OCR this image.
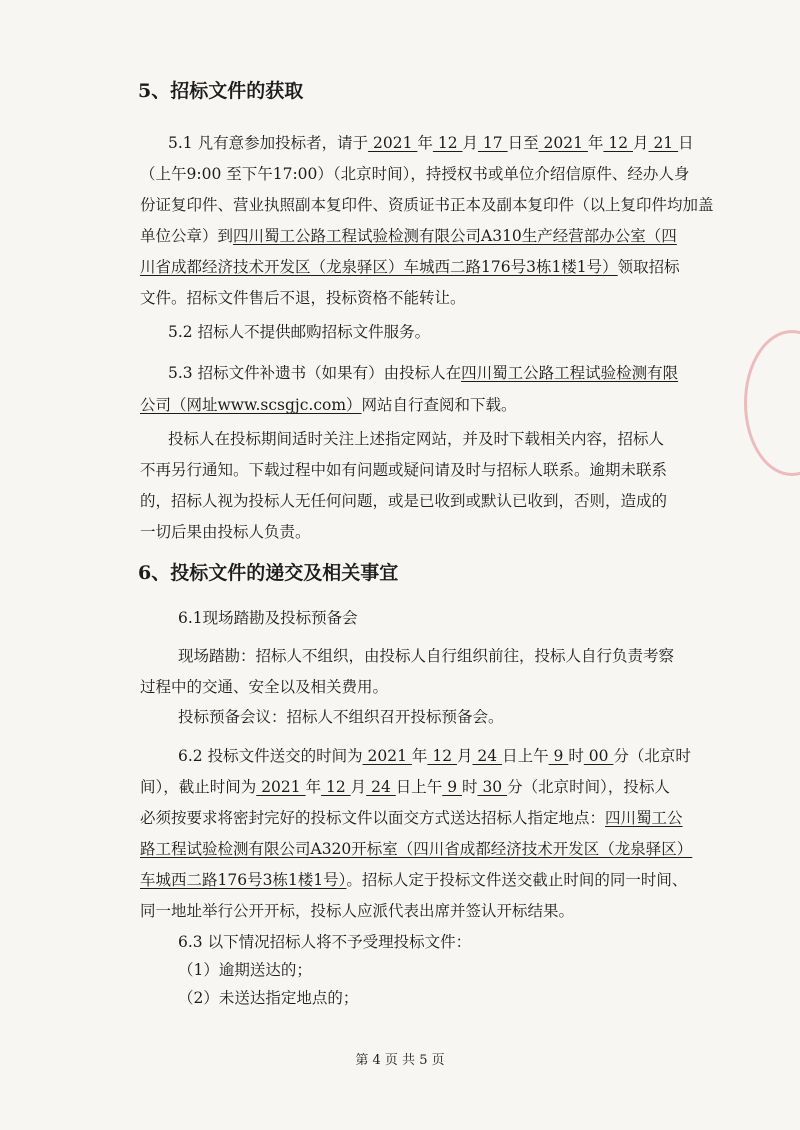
5、招标文件的获取
5.1 凡有意参加投标者，请于 2021 年 12 月 17 日至 2021 年 12 月 21 日
（上午9:00 至下午17:00）（北京时间），持授权书或单位介绍信原件、经办人身
份证复印件、营业执照副本复印件、资质证书正本及副本复印件（以上复印件均加盖
单位公章）到四川蜀工公路工程试验检测有限公司A310生产经营部办公室（四
川省成都经济技术开发区（龙泉驿区）车城西二路176号3栋1楼1号）领取招标
文件。招标文件售后不退，投标资格不能转让。
5.2 招标人不提供邮购招标文件服务。
5.3 招标文件补遗书（如果有）由投标人在四川蜀工公路工程试验检测有限
公司（网址www.scsgjc.com）网站自行查阅和下载。
投标人在投标期间适时关注上述指定网站，并及时下载相关内容，招标人
不再另行通知。下载过程中如有问题或疑问请及时与招标人联系。逾期未联系
的，招标人视为投标人无任何问题，或是已收到或默认已收到，否则，造成的
一切后果由投标人负责。
6、投标文件的递交及相关事宜
6.1现场踏勘及投标预备会
现场踏勘：招标人不组织，由投标人自行组织前往，投标人自行负责考察
过程中的交通、安全以及相关费用。
投标预备会议：招标人不组织召开投标预备会。
6.2 投标文件送交的时间为 2021 年 12 月 24 日上午 9 时 00 分（北京时
间），截止时间为 2021 年 12 月 24 日上午 9 时 30 分（北京时间），投标人
必须按要求将密封完好的投标文件以面交方式送达招标人指定地点：四川蜀工公
路工程试验检测有限公司A320开标室（四川省成都经济技术开发区（龙泉驿区）
车城西二路176号3栋1楼1号）。招标人定于投标文件送交截止时间的同一时间、
同一地址举行公开开标，投标人应派代表出席并签认开标结果。
6.3 以下情况招标人将不予受理投标文件：
（1）逾期送达的；
（2）未送达指定地点的；
第 4 页 共 5 页
